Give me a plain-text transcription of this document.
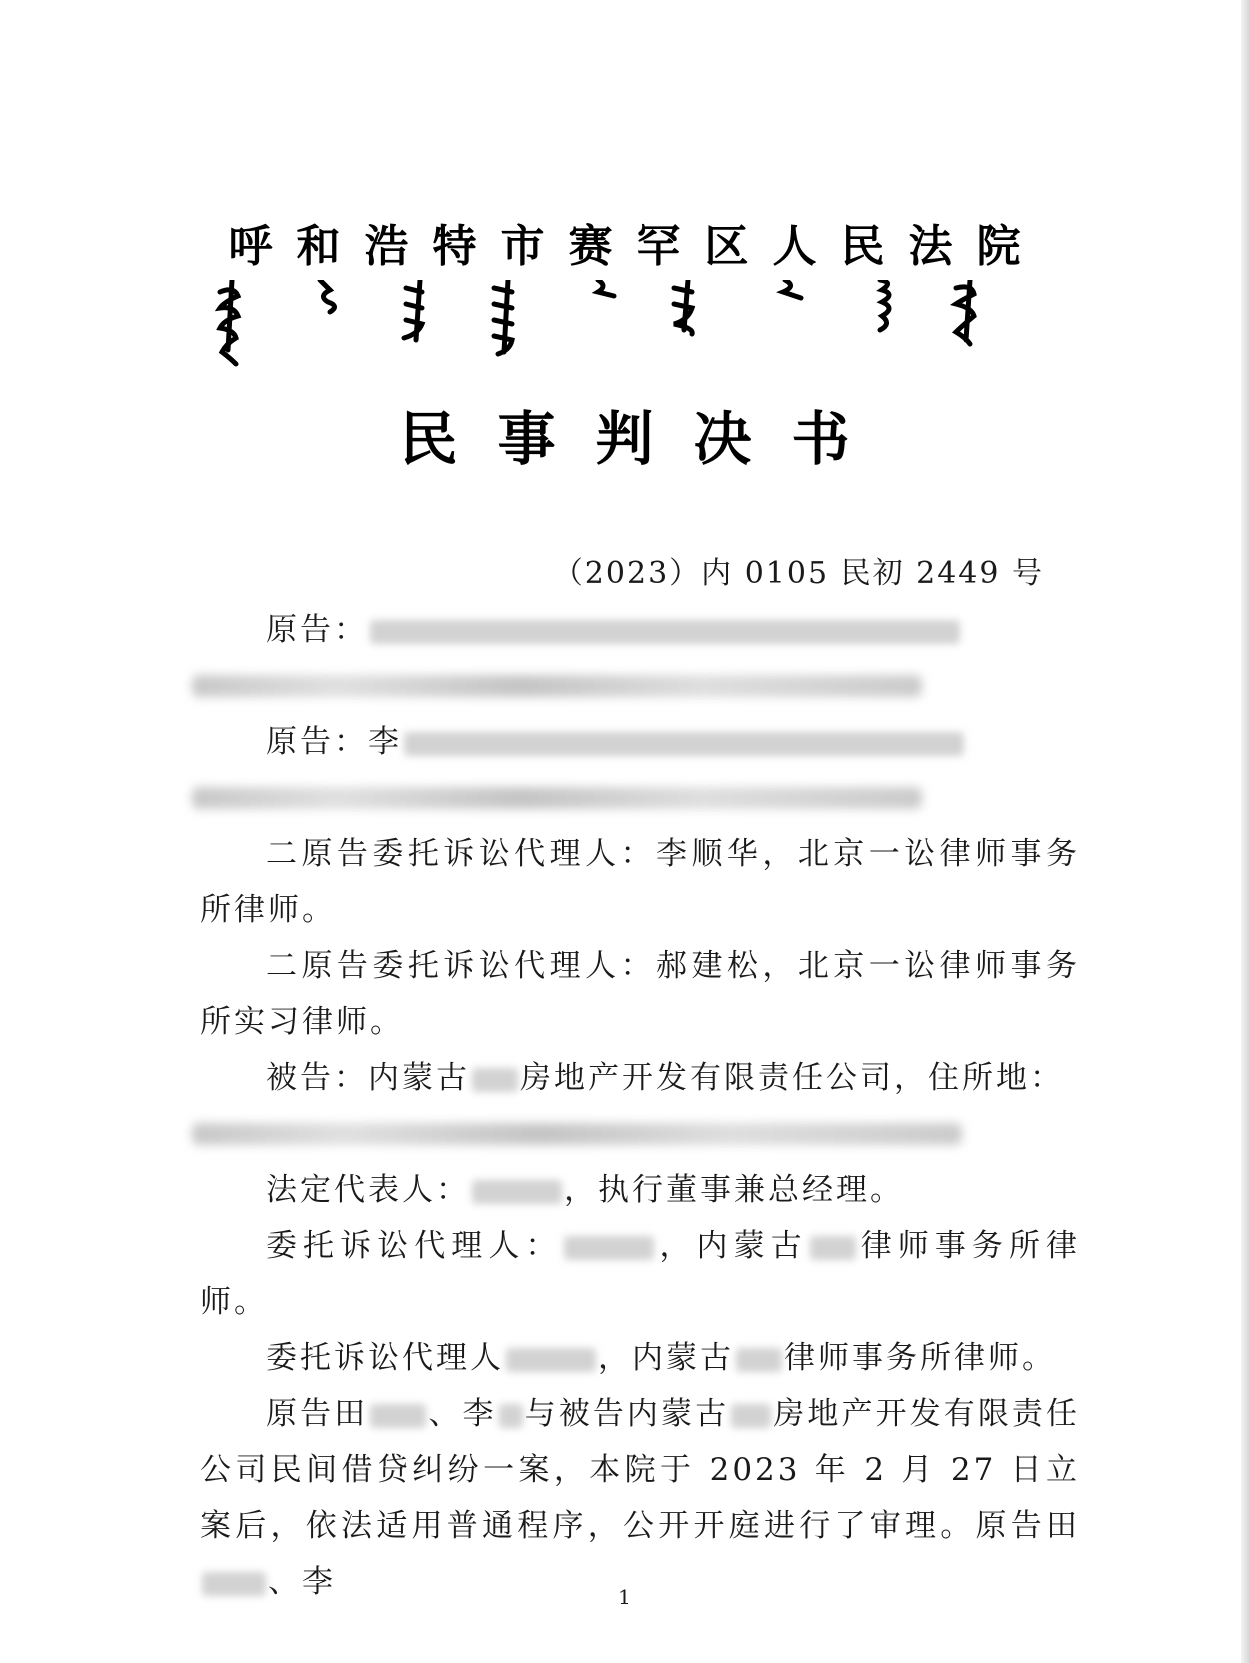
呼和浩特市赛罕区人民法院
民事判决书
（2023）内 0105 民初 2449 号

原告：

原告：李

二原告委托诉讼代理人：李顺华，北京一讼律师事务所律师。

二原告委托诉讼代理人：郝建松，北京一讼律师事务所实习律师。

被告：内蒙古 房地产开发有限责任公司，住所地：

法定代表人：	，执行董事兼总经理。

委托诉讼代理人：	，内蒙古 律师事务所律师。

委托诉讼代理人	，内蒙古 律师事务所律师。

原告田 、李 与被告内蒙古 房地产开发有限责任公司民间借贷纠纷一案，本院于 2023 年 2 月 27 日立案后，依法适用普通程序，公开开庭进行了审理。原告田、李	1
